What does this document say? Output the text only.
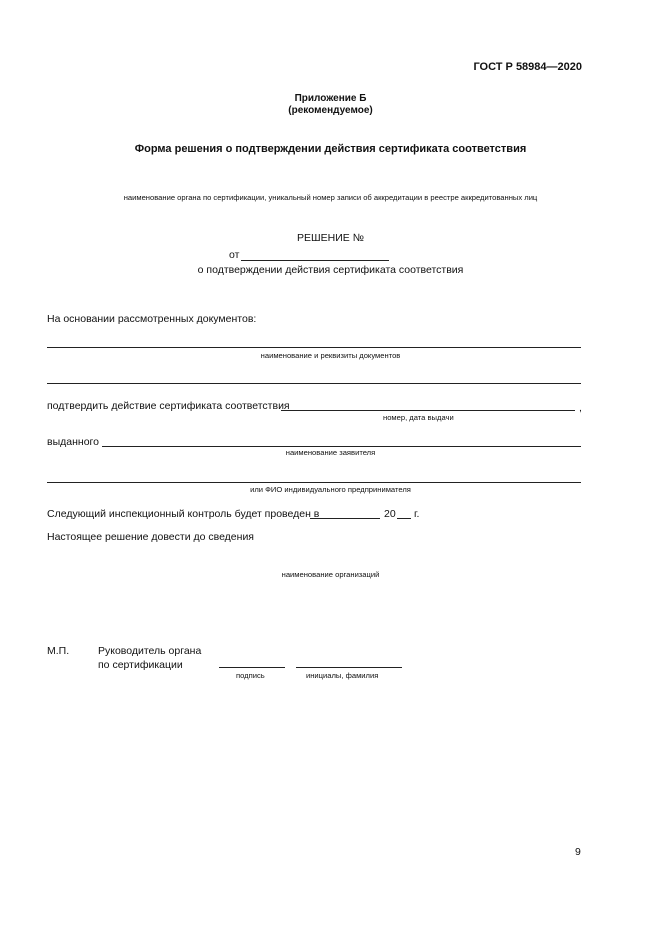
ГОСТ Р 58984—2020
Приложение Б
(рекомендуемое)
Форма решения о подтверждении действия сертификата соответствия
наименование органа по сертификации, уникальный номер записи об аккредитации в реестре аккредитованных лиц
РЕШЕНИЕ №
от
о подтверждении действия сертификата соответствия
На основании рассмотренных документов:
наименование и реквизиты документов
подтвердить действие сертификата соответствия	,
номер, дата выдачи
выданного
наименование заявителя
или ФИО индивидуального предпринимателя
Следующий инспекционный контроль будет проведен в	20 г.
Настоящее решение довести до сведения
наименование организаций
М.П.	Руководитель органа
по сертификации
подпись	инициалы, фамилия
9
